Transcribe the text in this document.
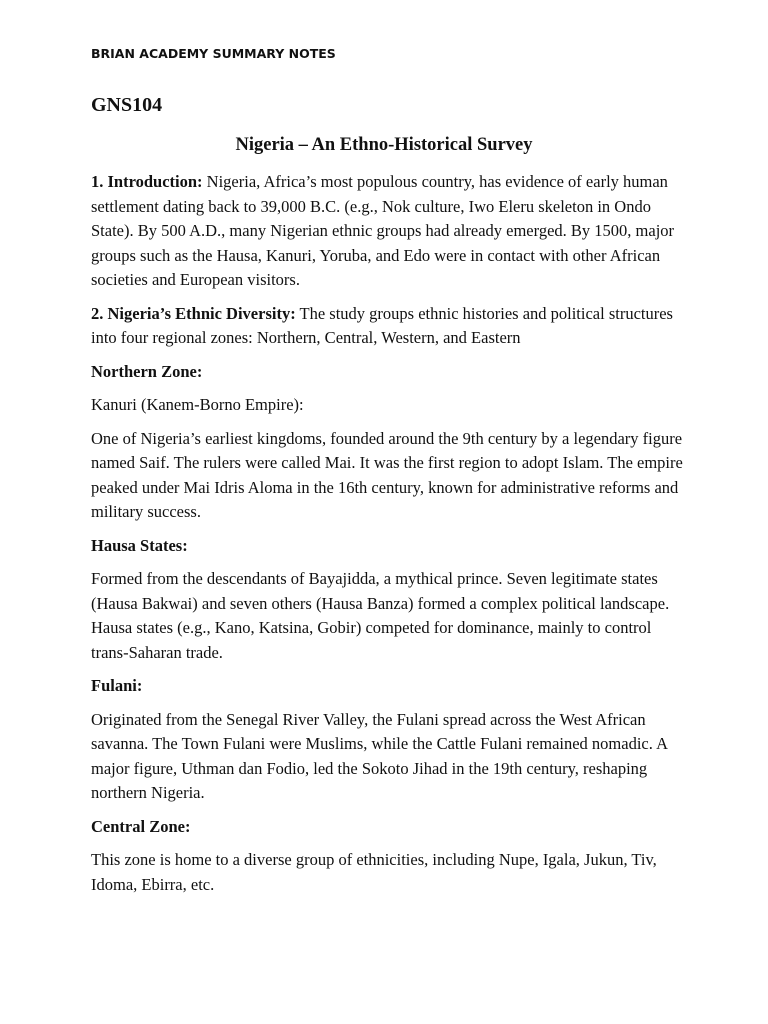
BRIAN ACADEMY SUMMARY NOTES
GNS104
Nigeria – An Ethno-Historical Survey

1. Introduction: Nigeria, Africa’s most populous country, has evidence of early human settlement dating back to 39,000 B.C. (e.g., Nok culture, Iwo Eleru skeleton in Ondo State). By 500 A.D., many Nigerian ethnic groups had already emerged. By 1500, major groups such as the Hausa, Kanuri, Yoruba, and Edo were in contact with other African societies and European visitors.

2. Nigeria’s Ethnic Diversity: The study groups ethnic histories and political structures into four regional zones: Northern, Central, Western, and Eastern

Northern Zone:

Kanuri (Kanem-Borno Empire):

One of Nigeria’s earliest kingdoms, founded around the 9th century by a legendary figure named Saif. The rulers were called Mai. It was the first region to adopt Islam. The empire peaked under Mai Idris Aloma in the 16th century, known for administrative reforms and military success.

Hausa States:

Formed from the descendants of Bayajidda, a mythical prince. Seven legitimate states (Hausa Bakwai) and seven others (Hausa Banza) formed a complex political landscape. Hausa states (e.g., Kano, Katsina, Gobir) competed for dominance, mainly to control trans-Saharan trade.

Fulani:

Originated from the Senegal River Valley, the Fulani spread across the West African savanna. The Town Fulani were Muslims, while the Cattle Fulani remained nomadic. A major figure, Uthman dan Fodio, led the Sokoto Jihad in the 19th century, reshaping northern Nigeria.

Central Zone:

This zone is home to a diverse group of ethnicities, including Nupe, Igala, Jukun, Tiv, Idoma, Ebirra, etc.
